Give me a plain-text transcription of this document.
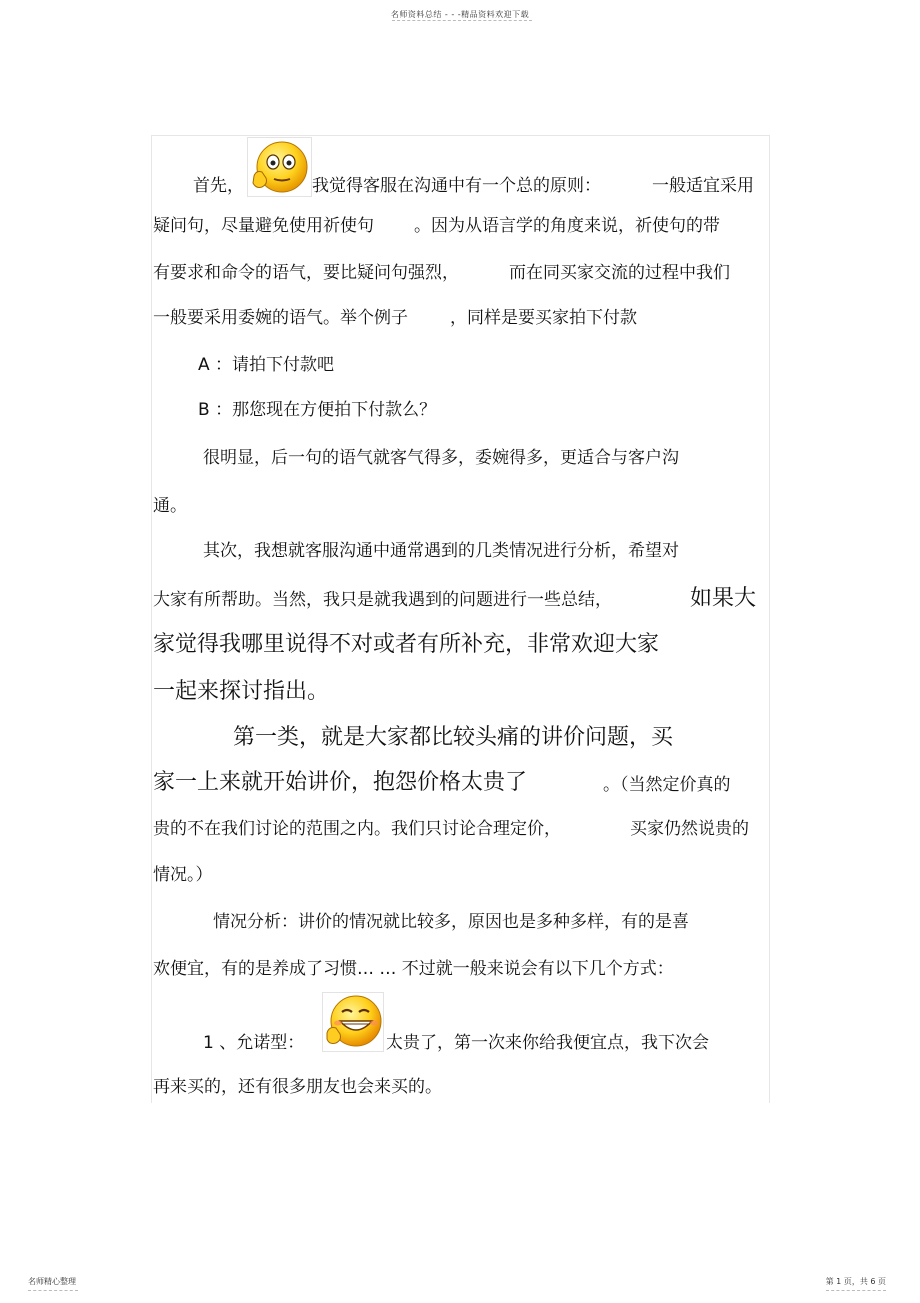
名师资料总结 - - -精品资料欢迎下载
首先，	我觉得客服在沟通中有一个总的原则：	一般适宜采用
疑问句，尽量避免使用祈使句 。因为从语言学的角度来说，祈使句的带
有要求和命令的语气，要比疑问句强烈，	而在同买家交流的过程中我们
一般要采用委婉的语气。举个例子 ，同样是要买家拍下付款
A ：请拍下付款吧
B ：那您现在方便拍下付款么？
很明显，后一句的语气就客气得多，委婉得多，更适合与客户沟
通。
其次，我想就客服沟通中通常遇到的几类情况进行分析，希望对
大家有所帮助。当然，我只是就我遇到的问题进行一些总结，	如果大
家觉得我哪里说得不对或者有所补充，非常欢迎大家
一起来探讨指出。
第一类，就是大家都比较头痛的讲价问题，买
家一上来就开始讲价，抱怨价格太贵了	。（当然定价真的
贵的不在我们讨论的范围之内。我们只讨论合理定价，	买家仍然说贵的
情况。）
情况分析：讲价的情况就比较多，原因也是多种多样，有的是喜
欢便宜，有的是养成了习惯… … 不过就一般来说会有以下几个方式：
1 、允诺型：	太贵了，第一次来你给我便宜点，我下次会
再来买的，还有很多朋友也会来买的。
名师精心整理	第 1 页，共 6 页
